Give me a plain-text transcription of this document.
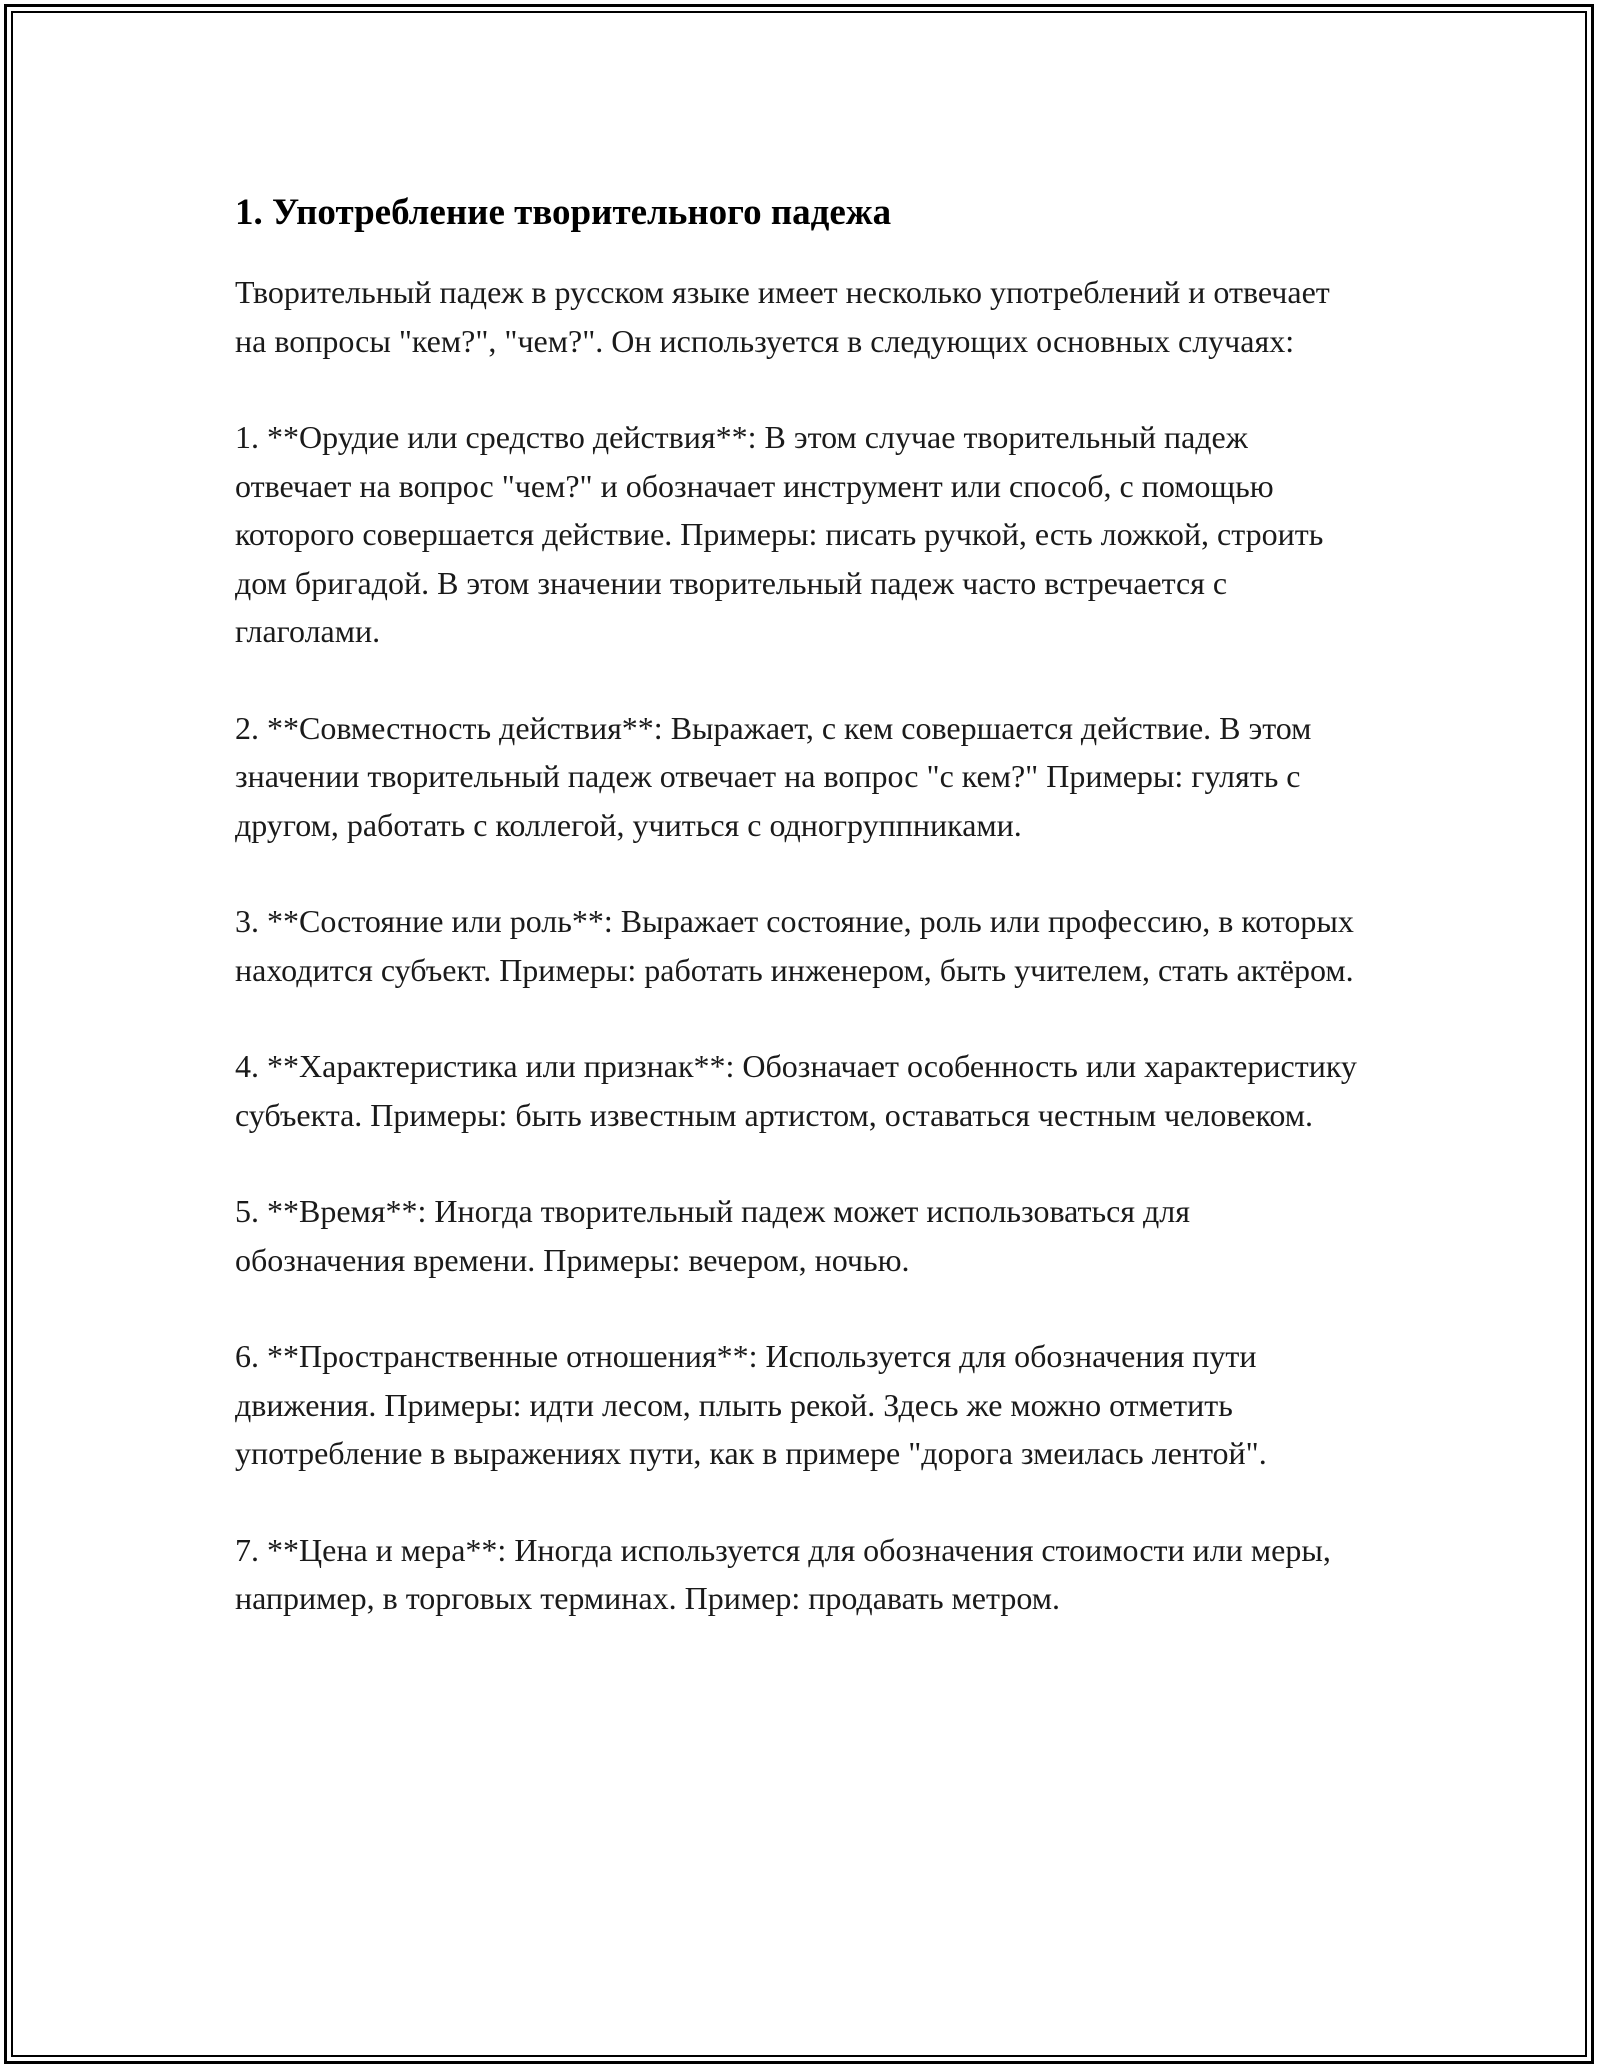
1. Употребление творительного падежа

Творительный падеж в русском языке имеет несколько употреблений и отвечает на вопросы "кем?", "чем?". Он используется в следующих основных случаях:

1. **Орудие или средство действия**: В этом случае творительный падеж отвечает на вопрос "чем?" и обозначает инструмент или способ, с помощью которого совершается действие. Примеры: писать ручкой, есть ложкой, строить дом бригадой. В этом значении творительный падеж часто встречается с глаголами.

2. **Совместность действия**: Выражает, с кем совершается действие. В этом значении творительный падеж отвечает на вопрос "с кем?" Примеры: гулять с другом, работать с коллегой, учиться с одногруппниками.

3. **Состояние или роль**: Выражает состояние, роль или профессию, в которых находится субъект. Примеры: работать инженером, быть учителем, стать актёром.

4. **Характеристика или признак**: Обозначает особенность или характеристику субъекта. Примеры: быть известным артистом, оставаться честным человеком.

5. **Время**: Иногда творительный падеж может использоваться для обозначения времени. Примеры: вечером, ночью.

6. **Пространственные отношения**: Используется для обозначения пути движения. Примеры: идти лесом, плыть рекой. Здесь же можно отметить употребление в выражениях пути, как в примере "дорога змеилась лентой".

7. **Цена и мера**: Иногда используется для обозначения стоимости или меры, например, в торговых терминах. Пример: продавать метром.
